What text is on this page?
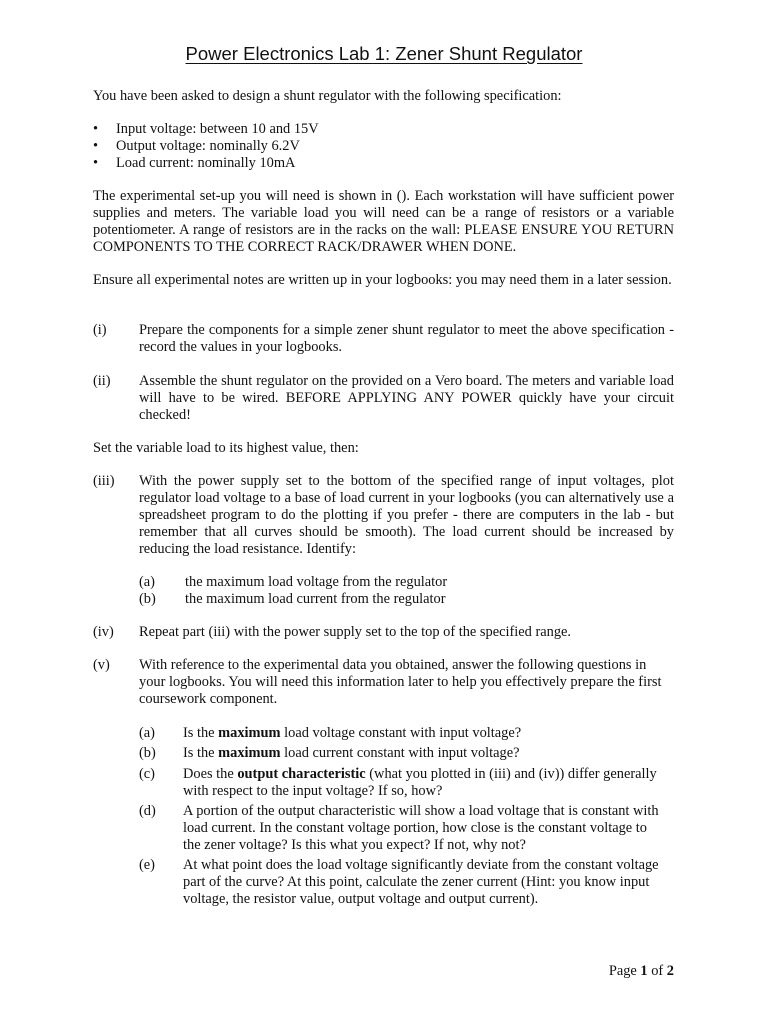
Power Electronics Lab 1: Zener Shunt Regulator
You have been asked to design a shunt regulator with the following specification:
• Input voltage: between 10 and 15V
• Output voltage: nominally 6.2V
• Load current: nominally 10mA
The experimental set-up you will need is shown in (). Each workstation will have sufficient power supplies and meters. The variable load you will need can be a range of resistors or a variable potentiometer. A range of resistors are in the racks on the wall: PLEASE ENSURE YOU RETURN COMPONENTS TO THE CORRECT RACK/DRAWER WHEN DONE.
Ensure all experimental notes are written up in your logbooks: you may need them in a later session.
(i) Prepare the components for a simple zener shunt regulator to meet the above specification - record the values in your logbooks.
(ii) Assemble the shunt regulator on the provided on a Vero board. The meters and variable load will have to be wired. BEFORE APPLYING ANY POWER quickly have your circuit checked!
Set the variable load to its highest value, then:
(iii) With the power supply set to the bottom of the specified range of input voltages, plot regulator load voltage to a base of load current in your logbooks (you can alternatively use a spreadsheet program to do the plotting if you prefer - there are computers in the lab - but remember that all curves should be smooth). The load current should be increased by reducing the load resistance. Identify:
(a) the maximum load voltage from the regulator
(b) the maximum load current from the regulator
(iv) Repeat part (iii) with the power supply set to the top of the specified range.
(v) With reference to the experimental data you obtained, answer the following questions in your logbooks. You will need this information later to help you effectively prepare the first coursework component.
(a) Is the maximum load voltage constant with input voltage?
(b) Is the maximum load current constant with input voltage?
(c) Does the output characteristic (what you plotted in (iii) and (iv)) differ generally with respect to the input voltage? If so, how?
(d) A portion of the output characteristic will show a load voltage that is constant with load current. In the constant voltage portion, how close is the constant voltage to the zener voltage? Is this what you expect? If not, why not?
(e) At what point does the load voltage significantly deviate from the constant voltage part of the curve? At this point, calculate the zener current (Hint: you know input voltage, the resistor value, output voltage and output current).
Page 1 of 2
